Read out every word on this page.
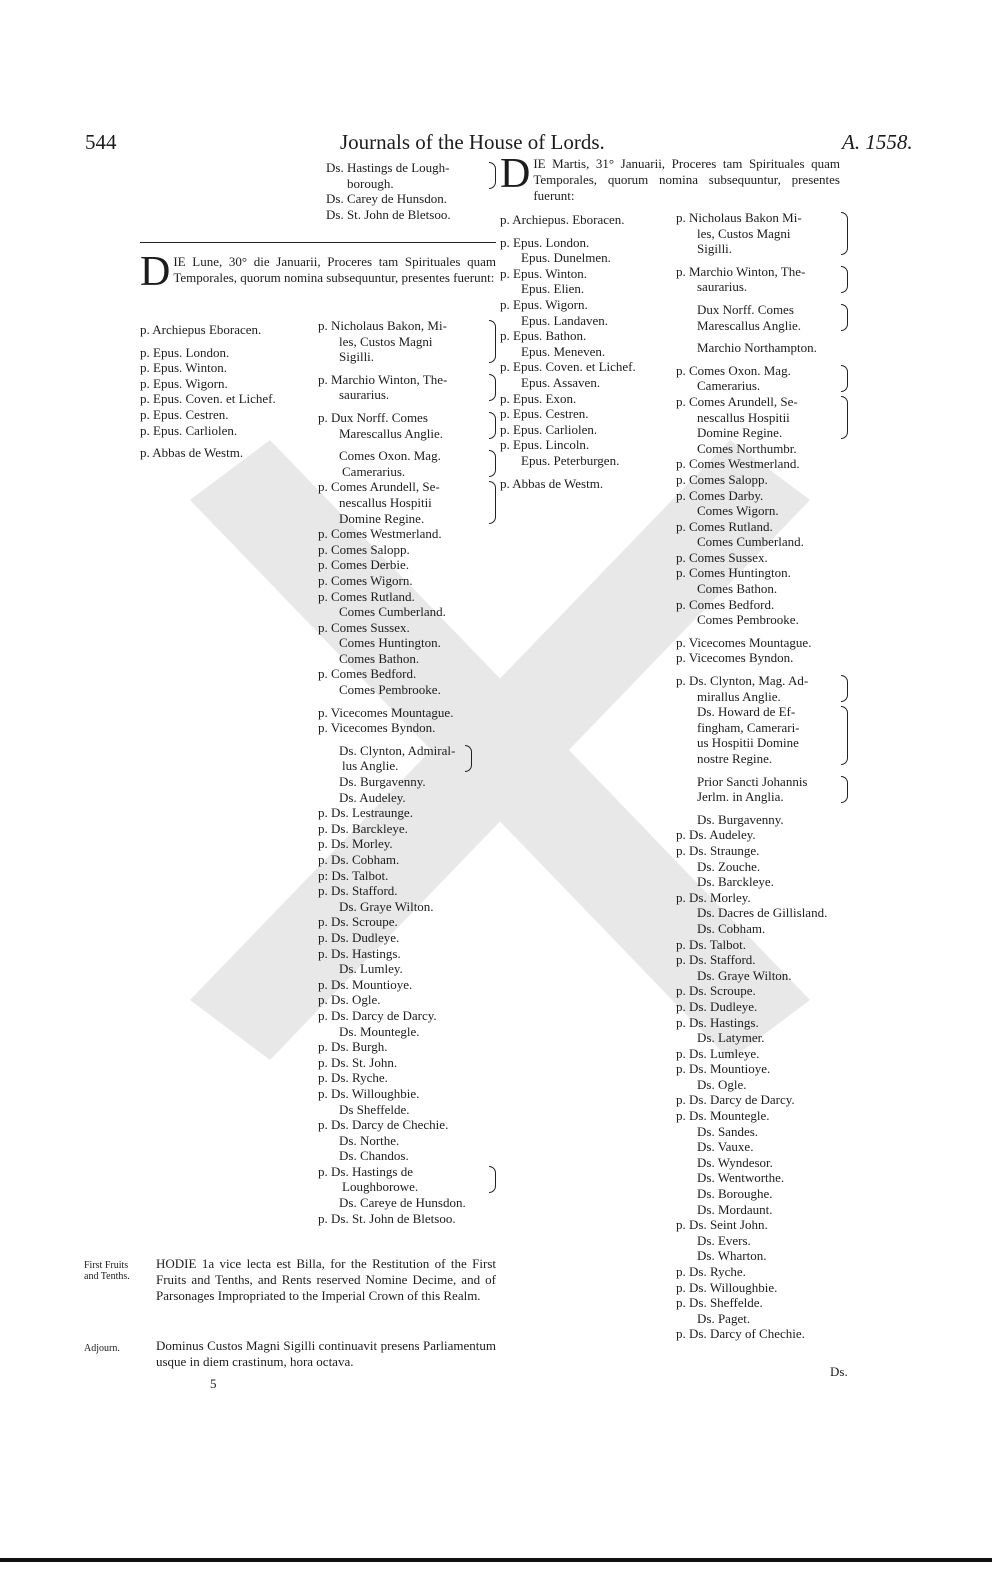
544	Journals of the House of Lords.	A. 1558.
Ds. Hastings de Lough-
borough.
Ds. Carey de Hunsdon.
Ds. St. John de Bletsoo.
DIE Lune, 30° die Januarii, Proceres tam Spirituales quam Temporales, quorum nomina subsequuntur, presentes fuerunt:
p. Archiepus Eboracen.
p. Epus. London.
p. Epus. Winton.
p. Epus. Wigorn.
p. Epus. Coven. et Lichef.
p. Epus. Cestren.
p. Epus. Carliolen.
p. Abbas de Westm.
p. Nicholaus Bakon, Mi-
les, Custos Magni
Sigilli.
p. Marchio Winton, The-
saurarius.
p. Dux Norff. Comes
Marescallus Anglie.
Comes Oxon. Mag.
Camerarius.
p. Comes Arundell, Se-
nescallus Hospitii
Domine Regine.
p. Comes Westmerland.
p. Comes Salopp.
p. Comes Derbie.
p. Comes Wigorn.
p. Comes Rutland.
Comes Cumberland.
p. Comes Sussex.
Comes Huntington.
Comes Bathon.
p. Comes Bedford.
Comes Pembrooke.
p. Vicecomes Mountague.
p. Vicecomes Byndon.
Ds. Clynton, Admiral-
lus Anglie.
Ds. Burgavenny.
Ds. Audeley.
p. Ds. Lestraunge.
p. Ds. Barckleye.
p. Ds. Morley.
p. Ds. Cobham.
p: Ds. Talbot.
p. Ds. Stafford.
Ds. Graye Wilton.
p. Ds. Scroupe.
p. Ds. Dudleye.
p. Ds. Hastings.
Ds. Lumley.
p. Ds. Mountioye.
p. Ds. Ogle.
p. Ds. Darcy de Darcy.
Ds. Mountegle.
p. Ds. Burgh.
p. Ds. St. John.
p. Ds. Ryche.
p. Ds. Willoughbie.
Ds Sheffelde.
p. Ds. Darcy de Chechie.
Ds. Northe.
Ds. Chandos.
p. Ds. Hastings de
Loughborowe.
Ds. Careye de Hunsdon.
p. Ds. St. John de Bletsoo.
First Fruits
and Tenths.
HODIE 1a vice lecta est Billa, for the Restitution of the First Fruits and Tenths, and Rents reserved Nomine Decime, and of Parsonages Impropriated to the Imperial Crown of this Realm.
Adjourn.	Dominus Custos Magni Sigilli continuavit presens Parliamentum usque in diem crastinum, hora octava.
5
DIE Martis, 31° Januarii, Proceres tam Spirituales quam Temporales, quorum nomina subsequuntur, presentes fuerunt:
p. Archiepus. Eboracen.
p. Epus. London.
Epus. Dunelmen.
p. Epus. Winton.
Epus. Elien.
p. Epus. Wigorn.
Epus. Landaven.
p. Epus. Bathon.
Epus. Meneven.
p. Epus. Coven. et Lichef.
Epus. Assaven.
p. Epus. Exon.
p. Epus. Cestren.
p. Epus. Carliolen.
p. Epus. Lincoln.
Epus. Peterburgen.
p. Abbas de Westm.
p. Nicholaus Bakon Mi-
les, Custos Magni
Sigilli.
p. Marchio Winton, The-
saurarius.
Dux Norff. Comes
Marescallus Anglie.
Marchio Northampton.
p. Comes Oxon. Mag.
Camerarius.
p. Comes Arundell, Se-
nescallus Hospitii
Domine Regine.
Comes Northumbr.
p. Comes Westmerland.
p. Comes Salopp.
p. Comes Darby.
Comes Wigorn.
p. Comes Rutland.
Comes Cumberland.
p. Comes Sussex.
p. Comes Huntington.
Comes Bathon.
p. Comes Bedford.
Comes Pembrooke.
p. Vicecomes Mountague.
p. Vicecomes Byndon.
p. Ds. Clynton, Mag. Ad-
mirallus Anglie.
Ds. Howard de Ef-
fingham, Camerari-
us Hospitii Domine
nostre Regine.
Prior Sancti Johannis
Jerlm. in Anglia.
Ds. Burgavenny.
p. Ds. Audeley.
p. Ds. Straunge.
Ds. Zouche.
Ds. Barckleye.
p. Ds. Morley.
Ds. Dacres de Gillisland.
Ds. Cobham.
p. Ds. Talbot.
p. Ds. Stafford.
Ds. Graye Wilton.
p. Ds. Scroupe.
p. Ds. Dudleye.
p. Ds. Hastings.
Ds. Latymer.
p. Ds. Lumleye.
p. Ds. Mountioye.
Ds. Ogle.
p. Ds. Darcy de Darcy.
p. Ds. Mountegle.
Ds. Sandes.
Ds. Vauxe.
Ds. Wyndesor.
Ds. Wentworthe.
Ds. Boroughe.
Ds. Mordaunt.
p. Ds. Seint John.
Ds. Evers.
Ds. Wharton.
p. Ds. Ryche.
p. Ds. Willoughbie.
p. Ds. Sheffelde.
Ds. Paget.
p. Ds. Darcy of Chechie.
Ds.
